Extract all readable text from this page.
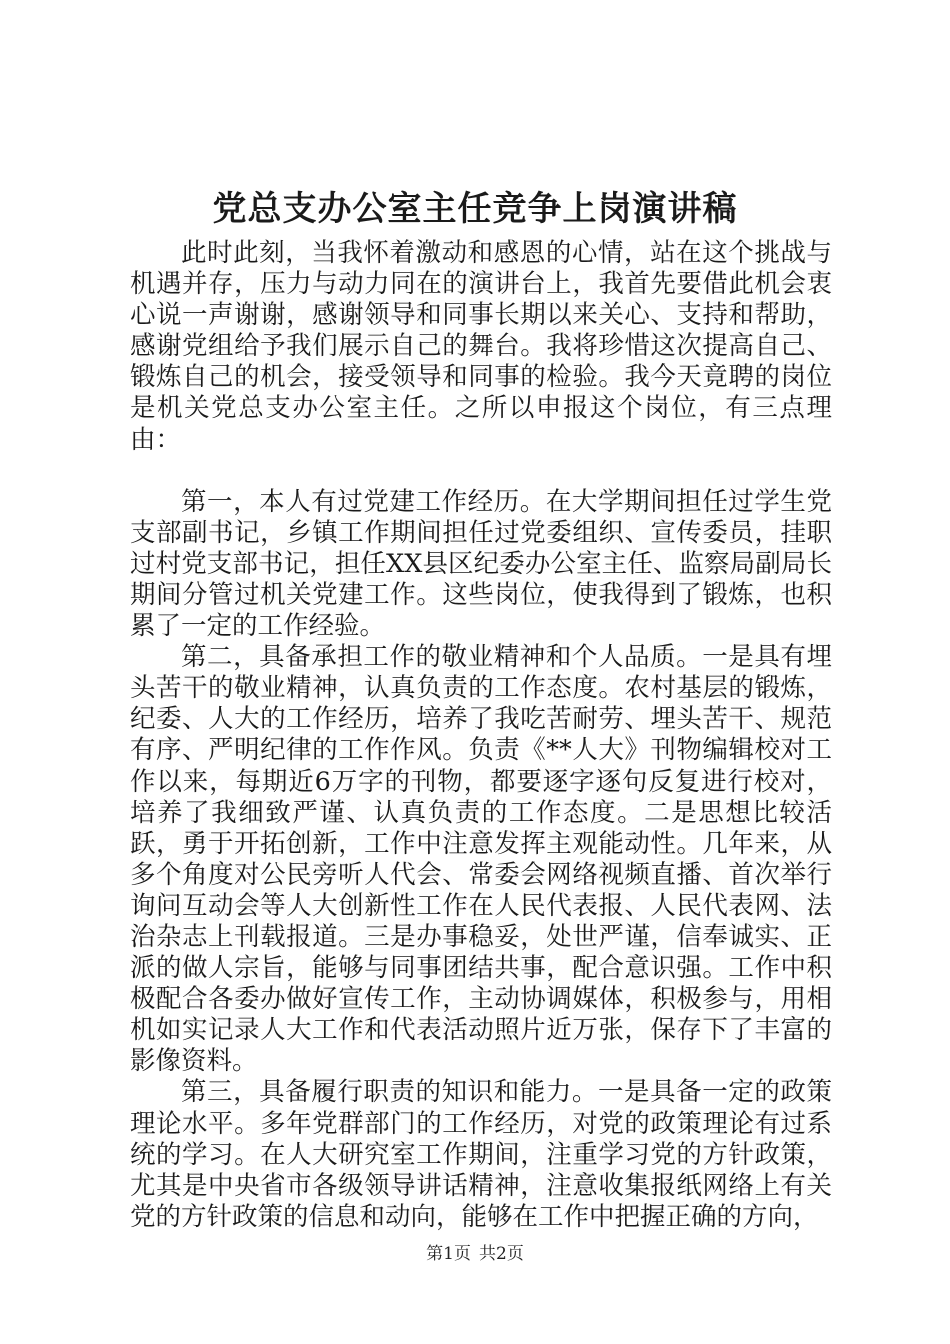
党总支办公室主任竞争上岗演讲稿

此时此刻，当我怀着激动和感恩的心情，站在这个挑战与机遇并存，压力与动力同在的演讲台上，我首先要借此机会衷心说一声谢谢，感谢领导和同事长期以来关心、支持和帮助，感谢党组给予我们展示自己的舞台。我将珍惜这次提高自己、锻炼自己的机会，接受领导和同事的检验。我今天竟聘的岗位是机关党总支办公室主任。之所以申报这个岗位，有三点理由：

第一，本人有过党建工作经历。在大学期间担任过学生党支部副书记，乡镇工作期间担任过党委组织、宣传委员，挂职过村党支部书记，担任XX县区纪委办公室主任、监察局副局长期间分管过机关党建工作。这些岗位，使我得到了锻炼，也积累了一定的工作经验。

第二，具备承担工作的敬业精神和个人品质。一是具有埋头苦干的敬业精神，认真负责的工作态度。农村基层的锻炼，纪委、人大的工作经历，培养了我吃苦耐劳、埋头苦干、规范有序、严明纪律的工作作风。负责《**人大》刊物编辑校对工作以来，每期近6万字的刊物，都要逐字逐句反复进行校对，培养了我细致严谨、认真负责的工作态度。二是思想比较活跃，勇于开拓创新，工作中注意发挥主观能动性。几年来，从多个角度对公民旁听人代会、常委会网络视频直播、首次举行询问互动会等人大创新性工作在人民代表报、人民代表网、法治杂志上刊载报道。三是办事稳妥，处世严谨，信奉诚实、正派的做人宗旨，能够与同事团结共事，配合意识强。工作中积极配合各委办做好宣传工作，主动协调媒体，积极参与，用相机如实记录人大工作和代表活动照片近万张，保存下了丰富的影像资料。

第三，具备履行职责的知识和能力。一是具备一定的政策理论水平。多年党群部门的工作经历，对党的政策理论有过系统的学习。在人大研究室工作期间，注重学习党的方针政策，尤其是中央省市各级领导讲话精神，注意收集报纸网络上有关党的方针政策的信息和动向，能够在工作中把握正确的方向，

第1页 共2页
